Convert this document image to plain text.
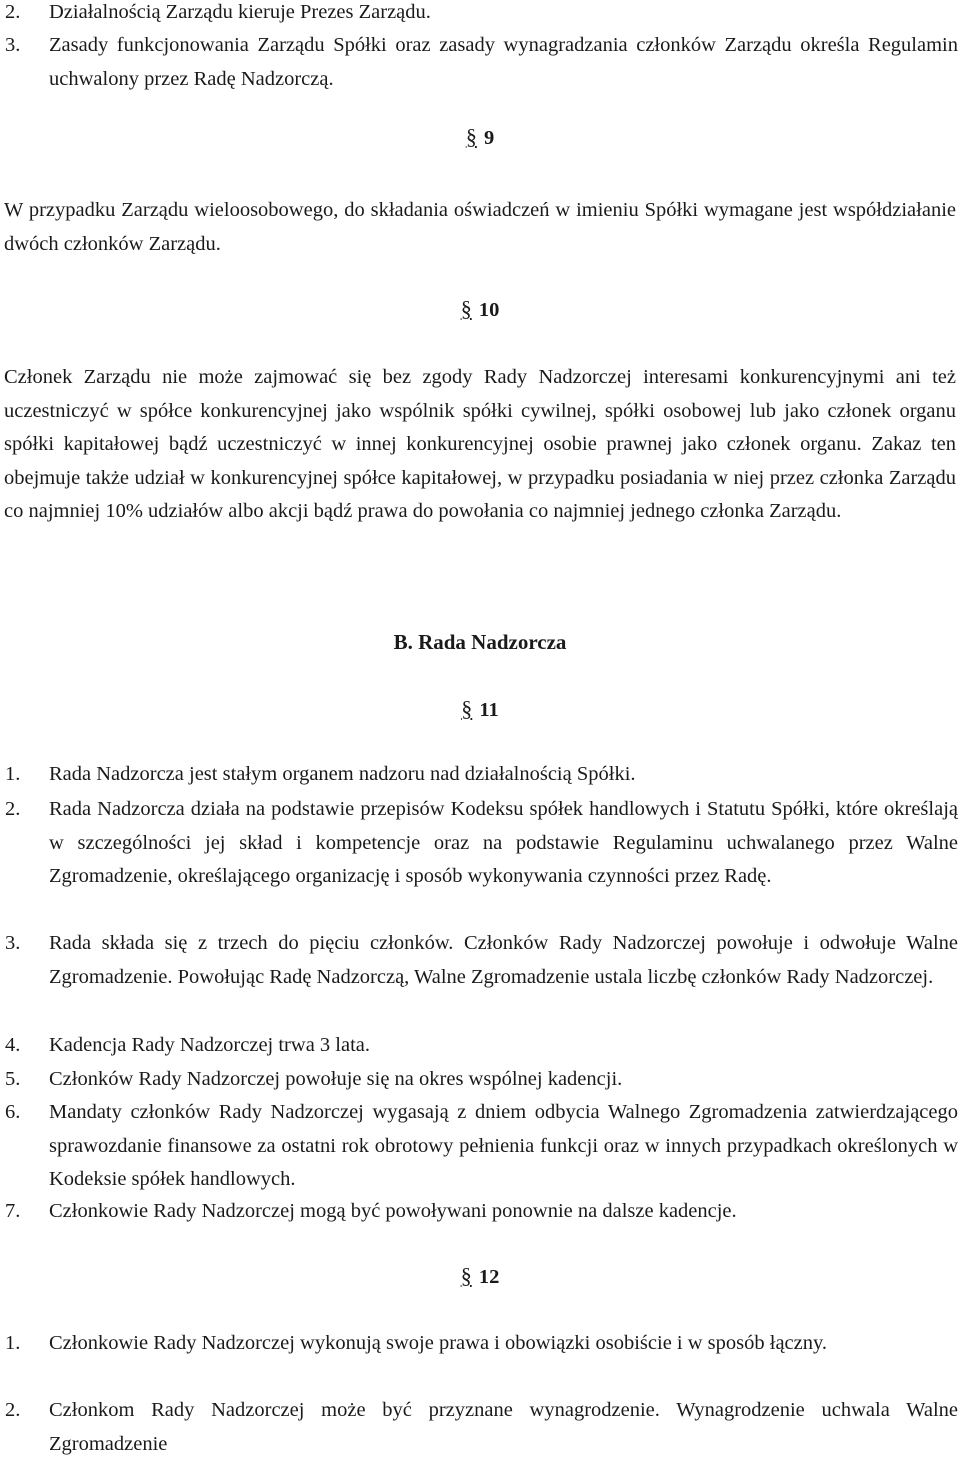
2. Działalnością Zarządu kieruje Prezes Zarządu.
3. Zasady funkcjonowania Zarządu Spółki oraz zasady wynagradzania członków Zarządu określa Regulamin uchwalony przez Radę Nadzorczą.
§ 9
W przypadku Zarządu wieloosobowego, do składania oświadczeń w imieniu Spółki wymagane jest współdziałanie dwóch członków Zarządu.
§ 10
Członek Zarządu nie może zajmować się bez zgody Rady Nadzorczej interesami konkurencyjnymi ani też uczestniczyć w spółce konkurencyjnej jako wspólnik spółki cywilnej, spółki osobowej lub jako członek organu spółki kapitałowej bądź uczestniczyć w innej konkurencyjnej osobie prawnej jako członek organu. Zakaz ten obejmuje także udział w konkurencyjnej spółce kapitałowej, w przypadku posiadania w niej przez członka Zarządu co najmniej 10% udziałów albo akcji bądź prawa do powołania co najmniej jednego członka Zarządu.
B. Rada Nadzorcza
§ 11
1. Rada Nadzorcza jest stałym organem nadzoru nad działalnością Spółki.
2. Rada Nadzorcza działa na podstawie przepisów Kodeksu spółek handlowych i Statutu Spółki, które określają w szczególności jej skład i kompetencje oraz na podstawie Regulaminu uchwalanego przez Walne Zgromadzenie, określającego organizację i sposób wykonywania czynności przez Radę.
3. Rada składa się z trzech do pięciu członków. Członków Rady Nadzorczej powołuje i odwołuje Walne Zgromadzenie. Powołując Radę Nadzorczą, Walne Zgromadzenie ustala liczbę członków Rady Nadzorczej.
4. Kadencja Rady Nadzorczej trwa 3 lata.
5. Członków Rady Nadzorczej powołuje się na okres wspólnej kadencji.
6. Mandaty członków Rady Nadzorczej wygasają z dniem odbycia Walnego Zgromadzenia zatwierdzającego sprawozdanie finansowe za ostatni rok obrotowy pełnienia funkcji oraz w innych przypadkach określonych w Kodeksie spółek handlowych.
7. Członkowie Rady Nadzorczej mogą być powoływani ponownie na dalsze kadencje.
§ 12
1. Członkowie Rady Nadzorczej wykonują swoje prawa i obowiązki osobiście i w sposób łączny.
2. Członkom Rady Nadzorczej może być przyznane wynagrodzenie. Wynagrodzenie uchwala Walne Zgromadzenie
